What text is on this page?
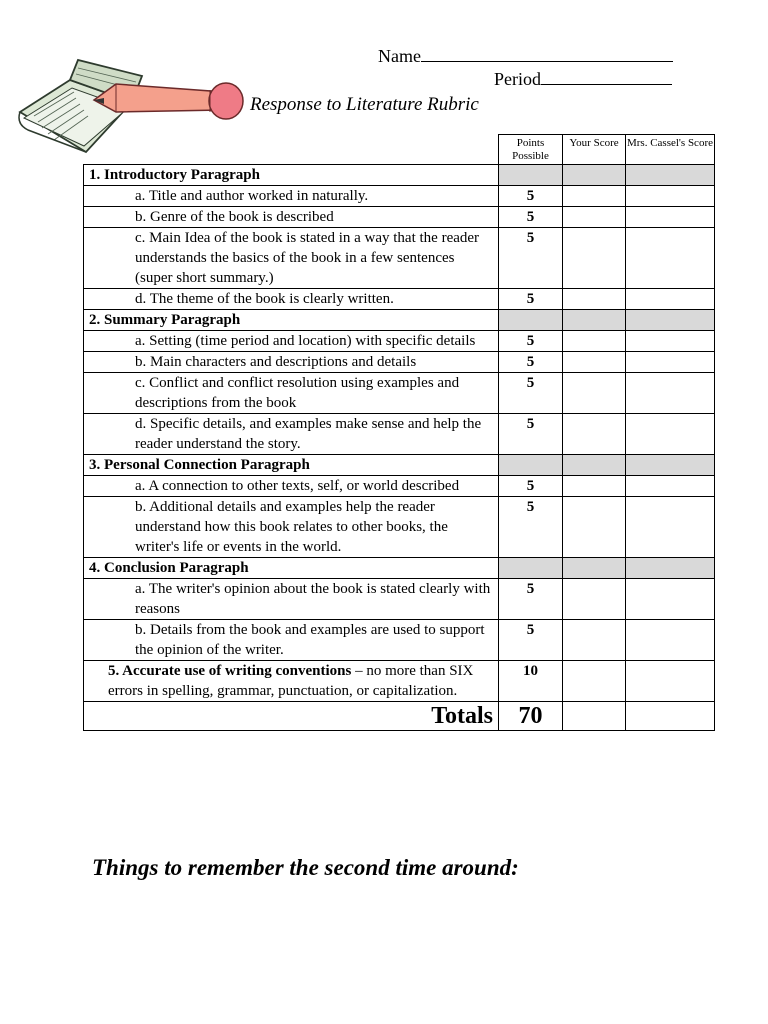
Name
Period
Response to Literature Rubric
	Points Possible	Your Score	Mrs. Cassel's Score
1. Introductory Paragraph			
a. Title and author worked in naturally.	5		
b. Genre of the book is described	5		
c. Main Idea of the book is stated in a way that the reader understands the basics of the book in a few sentences (super short summary.)	5		
d. The theme of the book is clearly written.	5		
2. Summary Paragraph			
a. Setting (time period and location) with specific details	5		
b. Main characters and descriptions and details	5		
c. Conflict and conflict resolution using examples and descriptions from the book	5		
d. Specific details, and examples make sense and help the reader understand the story.	5		
3. Personal Connection Paragraph			
a. A connection to other texts, self, or world described	5		
b. Additional details and examples help the reader understand how this book relates to other books, the writer's life or events in the world.	5		
4. Conclusion Paragraph			
a. The writer's opinion about the book is stated clearly with reasons	5		
b. Details from the book and examples are used to support the opinion of the writer.	5		
5. Accurate use of writing conventions – no more than SIX errors in spelling, grammar, punctuation, or capitalization.	10		
Totals	70		
Things to remember the second time around:
